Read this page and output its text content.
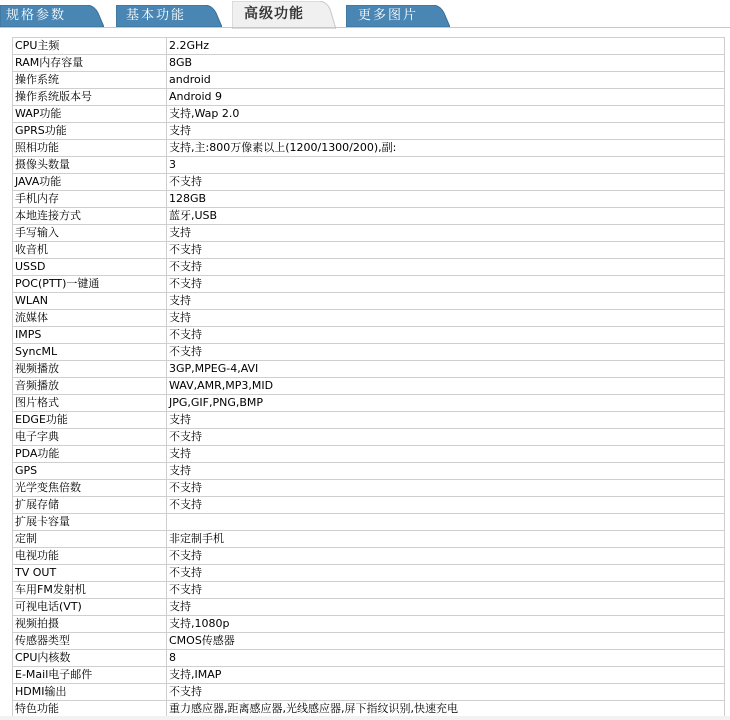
规格参数	基本功能	高级功能	更多图片
CPU主频	2.2GHz
RAM内存容量	8GB
操作系统	android
操作系统版本号	Android 9
WAP功能	支持,Wap 2.0
GPRS功能	支持
照相功能	支持,主:800万像素以上(1200/1300/200),副:
摄像头数量	3
JAVA功能	不支持
手机内存	128GB
本地连接方式	蓝牙,USB
手写输入	支持
收音机	不支持
USSD	不支持
POC(PTT)一键通	不支持
WLAN	支持
流媒体	支持
IMPS	不支持
SyncML	不支持
视频播放	3GP,MPEG-4,AVI
音频播放	WAV,AMR,MP3,MID
图片格式	JPG,GIF,PNG,BMP
EDGE功能	支持
电子字典	不支持
PDA功能	支持
GPS	支持
光学变焦倍数	不支持
扩展存储	不支持
扩展卡容量	
定制	非定制手机
电视功能	不支持
TV OUT	不支持
车用FM发射机	不支持
可视电话(VT)	支持
视频拍摄	支持,1080p
传感器类型	CMOS传感器
CPU内核数	8
E-Mail电子邮件	支持,IMAP
HDMI输出	不支持
特色功能	重力感应器,距离感应器,光线感应器,屏下指纹识别,快速充电
